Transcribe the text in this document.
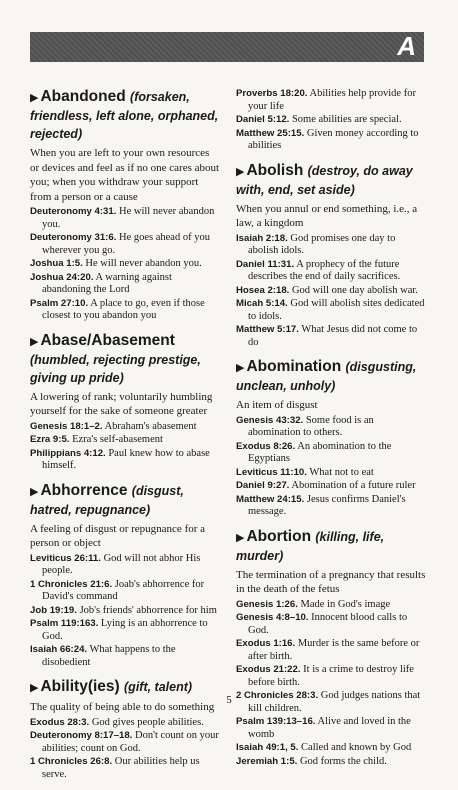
A
▶ Abandoned (forsaken, friendless, left alone, orphaned, rejected)

When you are left to your own resources or devices and feel as if no one cares about you; when you withdraw your support from a person or a cause

Deuteronomy 4:31. He will never abandon you.

Deuteronomy 31:6. He goes ahead of you wherever you go.

Joshua 1:5. He will never abandon you.

Joshua 24:20. A warning against abandoning the Lord

Psalm 27:10. A place to go, even if those closest to you abandon you

▶ Abase/Abasement (humbled, rejecting prestige, giving up pride)

A lowering of rank; voluntarily humbling yourself for the sake of someone greater

Genesis 18:1–2. Abraham's abasement

Ezra 9:5. Ezra's self-abasement

Philippians 4:12. Paul knew how to abase himself.

▶ Abhorrence (disgust, hatred, repugnance)

A feeling of disgust or repugnance for a person or object

Leviticus 26:11. God will not abhor His people.

1 Chronicles 21:6. Joab's abhorrence for David's command

Job 19:19. Job's friends' abhorrence for him

Psalm 119:163. Lying is an abhorrence to God.

Isaiah 66:24. What happens to the disobedient

▶ Ability(ies) (gift, talent)

The quality of being able to do something

Exodus 28:3. God gives people abilities.

Deuteronomy 8:17–18. Don't count on your abilities; count on God.

1 Chronicles 26:8. Our abilities help us serve.

Proverbs 18:20. Abilities help provide for your life

Daniel 5:12. Some abilities are special.

Matthew 25:15. Given money according to abilities

▶ Abolish (destroy, do away with, end, set aside)

When you annul or end something, i.e., a law, a kingdom

Isaiah 2:18. God promises one day to abolish idols.

Daniel 11:31. A prophecy of the future describes the end of daily sacrifices.

Hosea 2:18. God will one day abolish war.

Micah 5:14. God will abolish sites dedicated to idols.

Matthew 5:17. What Jesus did not come to do

▶ Abomination (disgusting, unclean, unholy)

An item of disgust

Genesis 43:32. Some food is an abomination to others.

Exodus 8:26. An abomination to the Egyptians

Leviticus 11:10. What not to eat

Daniel 9:27. Abomination of a future ruler

Matthew 24:15. Jesus confirms Daniel's message.

▶ Abortion (killing, life, murder)

The termination of a pregnancy that results in the death of the fetus

Genesis 1:26. Made in God's image

Genesis 4:8–10. Innocent blood calls to God.

Exodus 1:16. Murder is the same before or after birth.

Exodus 21:22. It is a crime to destroy life before birth.

2 Chronicles 28:3. God judges nations that kill children.

Psalm 139:13–16. Alive and loved in the womb

Isaiah 49:1, 5. Called and known by God

Jeremiah 1:5. God forms the child.

5
